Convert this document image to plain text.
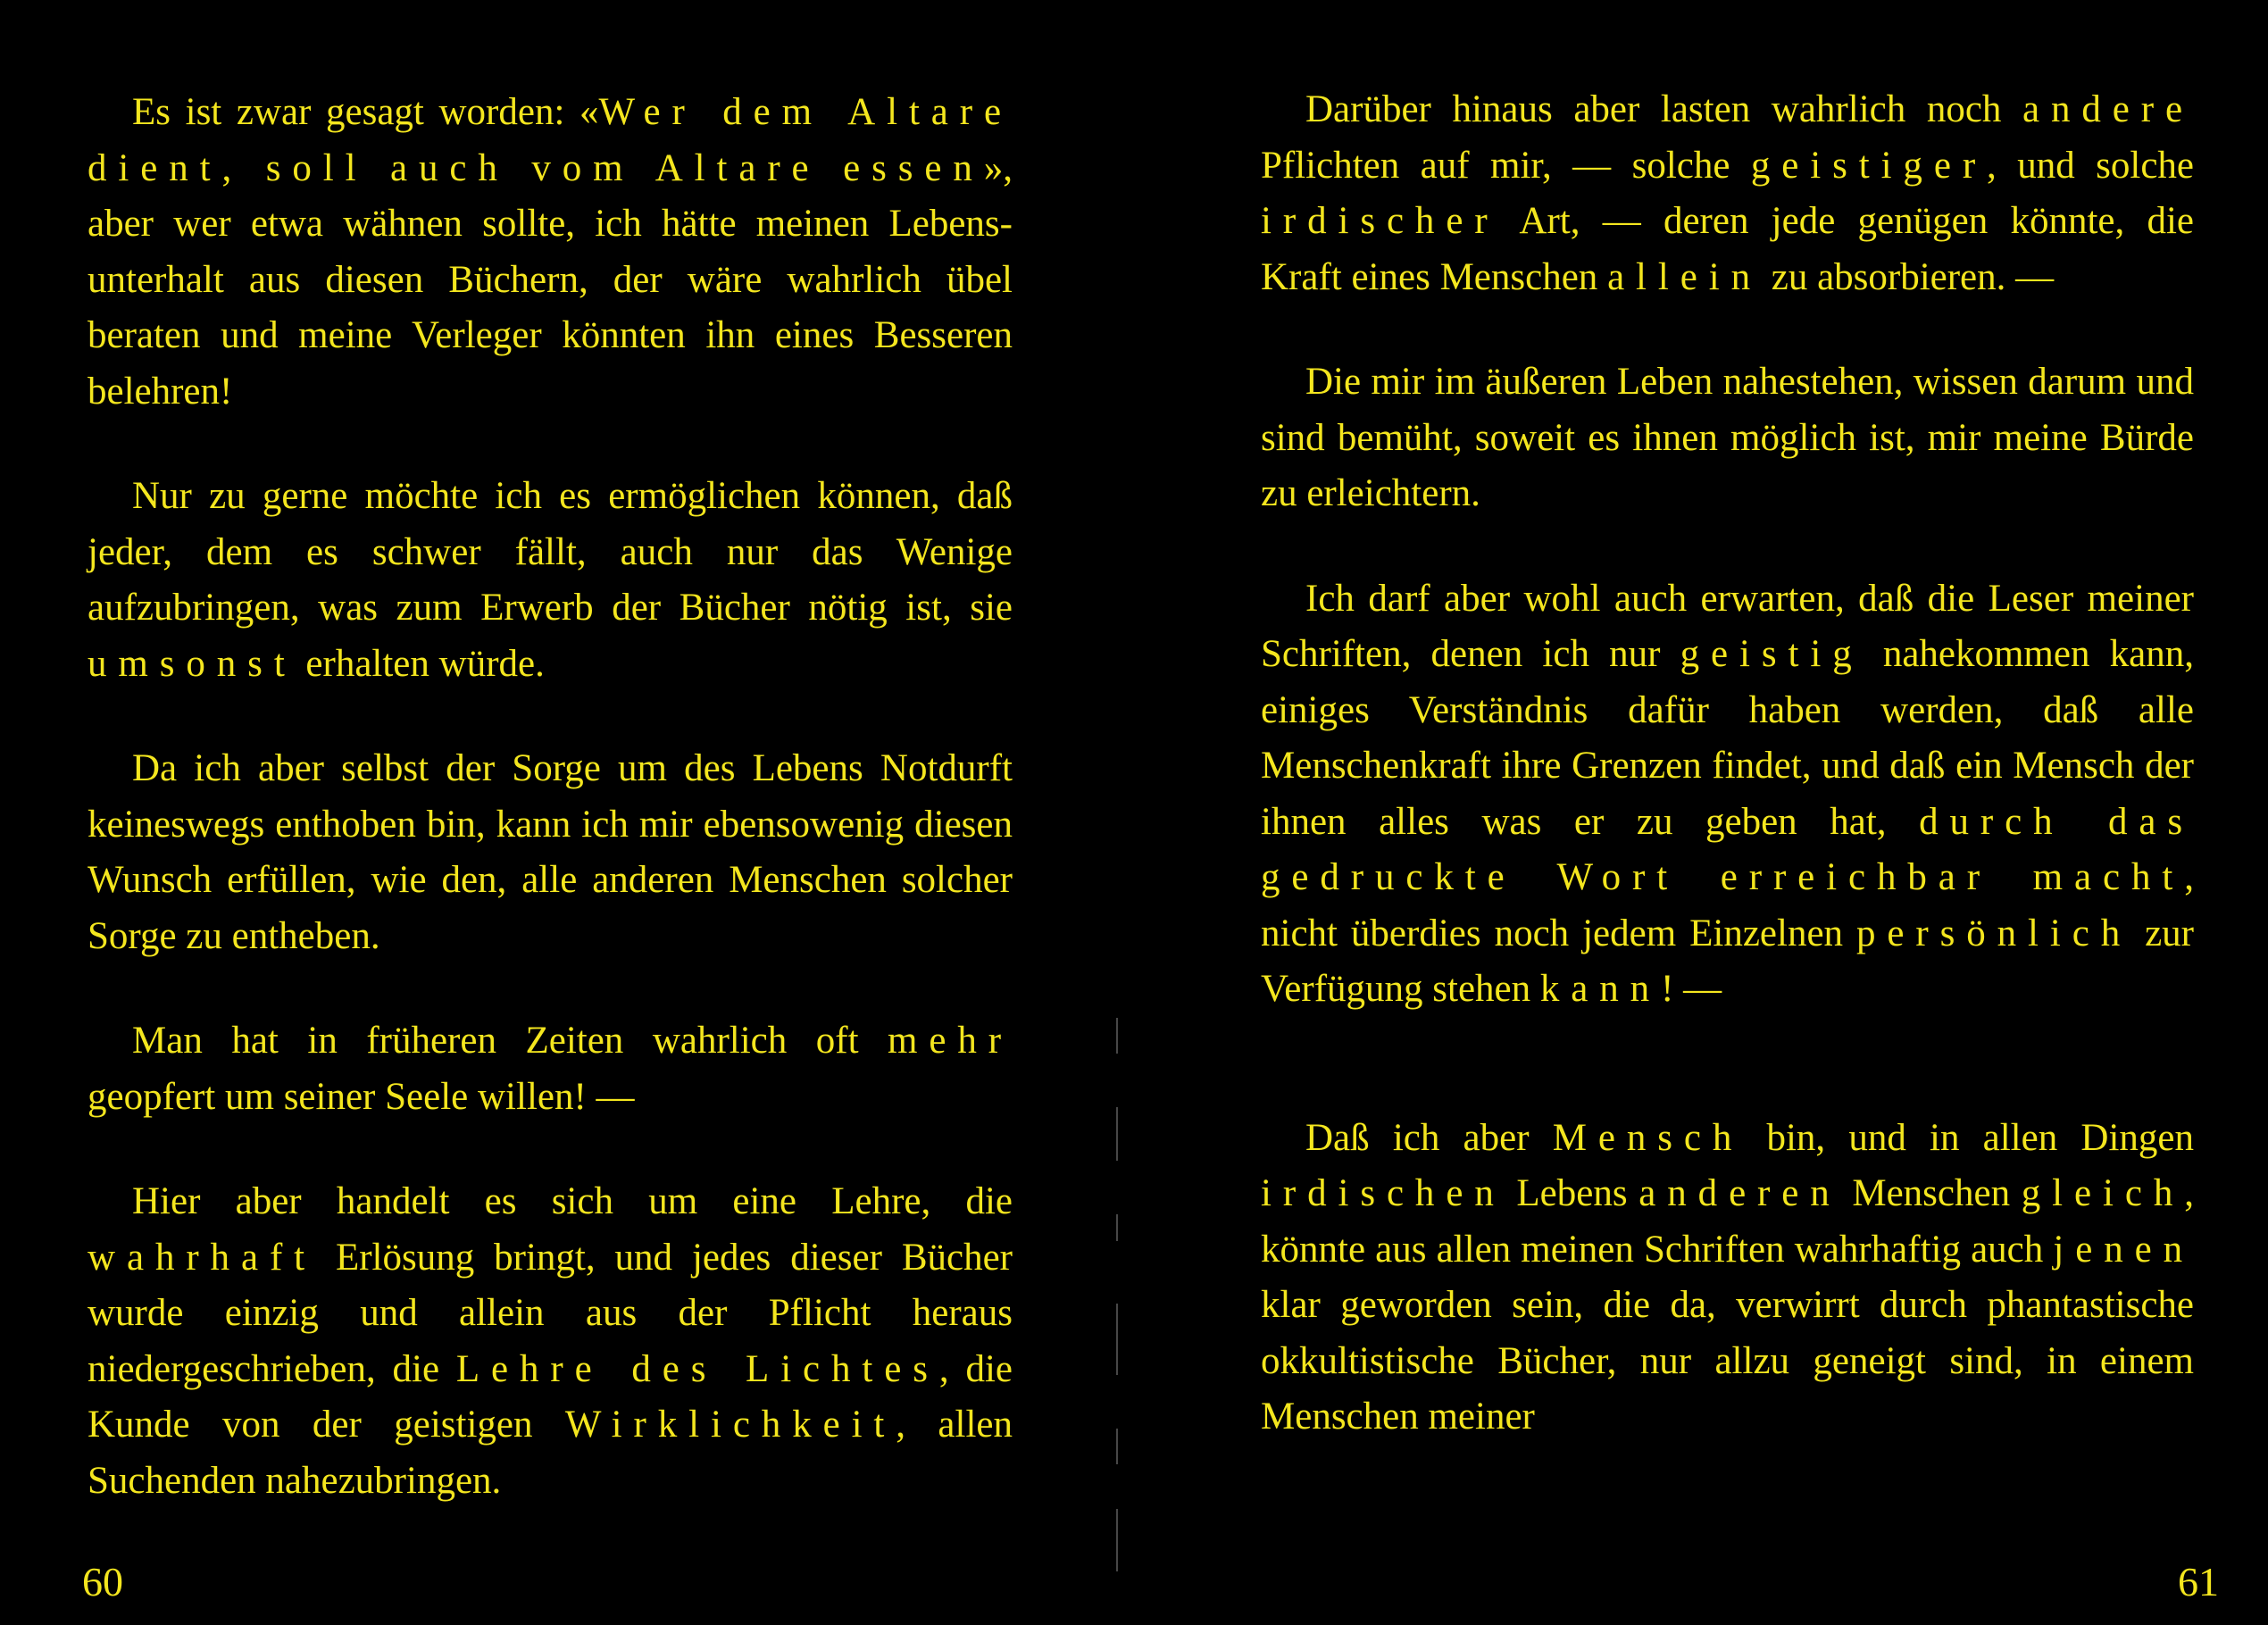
Es ist zwar gesagt worden: «Wer dem Altare dient, soll auch vom Altare essen», aber wer etwa wähnen sollte, ich hätte meinen Lebensunterhalt aus diesen Büchern, der wäre wahrlich übel beraten und meine Verleger könnten ihn eines Besseren belehren!

Nur zu gerne möchte ich es ermöglichen können, daß jeder, dem es schwer fällt, auch nur das Wenige aufzubringen, was zum Erwerb der Bücher nötig ist, sie umsonst erhalten würde.

Da ich aber selbst der Sorge um des Lebens Notdurft keineswegs enthoben bin, kann ich mir ebensowenig diesen Wunsch erfüllen, wie den, alle anderen Menschen solcher Sorge zu entheben.

Man hat in früheren Zeiten wahrlich oft mehr geopfert um seiner Seele willen! —

Hier aber handelt es sich um eine Lehre, die wahrhaft Erlösung bringt, und jedes dieser Bücher wurde einzig und allein aus der Pflicht heraus niedergeschrieben, die Lehre des Lichtes, die Kunde von der geistigen Wirklichkeit, allen Suchenden nahezubringen.

60

Darüber hinaus aber lasten wahrlich noch andere Pflichten auf mir, — solche geistiger, und solche irdischer Art, — deren jede genügen könnte, die Kraft eines Menschen allein zu absorbieren. —

Die mir im äußeren Leben nahestehen, wissen darum und sind bemüht, soweit es ihnen möglich ist, mir meine Bürde zu erleichtern.

Ich darf aber wohl auch erwarten, daß die Leser meiner Schriften, denen ich nur geistig nahekommen kann, einiges Verständnis dafür haben werden, daß alle Menschenkraft ihre Grenzen findet, und daß ein Mensch der ihnen alles was er zu geben hat, durch das gedruckte Wort erreichbar macht, nicht überdies noch jedem Einzelnen persönlich zur Verfügung stehen kann! —

Daß ich aber Mensch bin, und in allen Dingen irdischen Lebens anderen Menschen gleich, könnte aus allen meinen Schriften wahrhaftig auch jenen klar geworden sein, die da, verwirrt durch phantastische okkultistische Bücher, nur allzu geneigt sind, in einem Menschen meiner

61
